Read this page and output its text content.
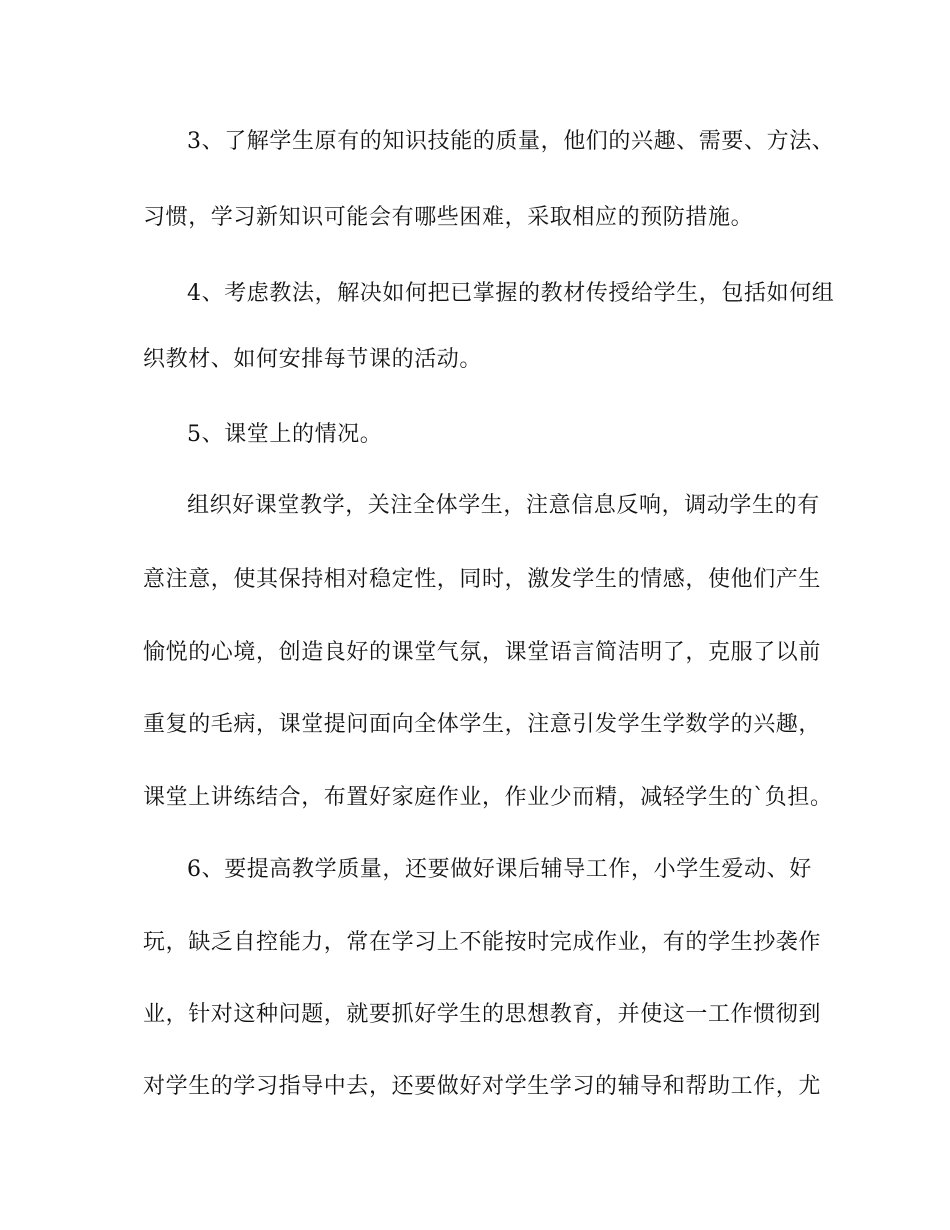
3、了解学生原有的知识技能的质量，他们的兴趣、需要、方法、
习惯，学习新知识可能会有哪些困难，采取相应的预防措施。
4、考虑教法，解决如何把已掌握的教材传授给学生，包括如何组
织教材、如何安排每节课的活动。
5、课堂上的情况。
组织好课堂教学，关注全体学生，注意信息反响，调动学生的有
意注意，使其保持相对稳定性，同时，激发学生的情感，使他们产生
愉悦的心境，创造良好的课堂气氛，课堂语言简洁明了，克服了以前
重复的毛病，课堂提问面向全体学生，注意引发学生学数学的兴趣，
课堂上讲练结合，布置好家庭作业，作业少而精，减轻学生的`负担。
6、要提高教学质量，还要做好课后辅导工作，小学生爱动、好
玩，缺乏自控能力，常在学习上不能按时完成作业，有的学生抄袭作
业，针对这种问题，就要抓好学生的思想教育，并使这一工作惯彻到
对学生的学习指导中去，还要做好对学生学习的辅导和帮助工作，尤
